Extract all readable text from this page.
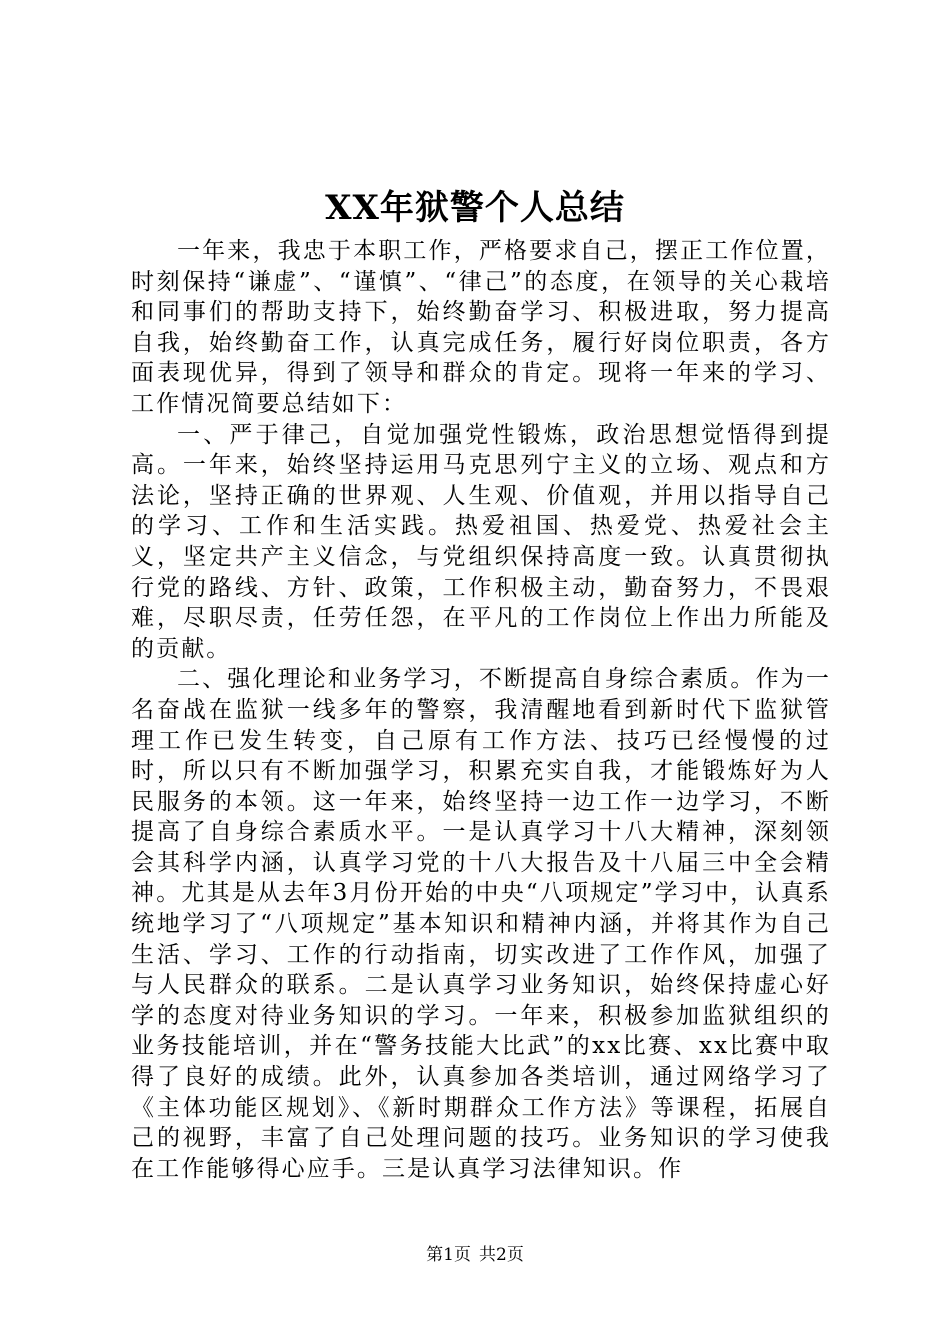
XX年狱警个人总结

一年来，我忠于本职工作，严格要求自己，摆正工作位置，时刻保持“谦虚”、“谨慎”、“律己”的态度，在领导的关心栽培和同事们的帮助支持下，始终勤奋学习、积极进取，努力提高自我，始终勤奋工作，认真完成任务，履行好岗位职责，各方面表现优异，得到了领导和群众的肯定。现将一年来的学习、工作情况简要总结如下：

一、严于律己，自觉加强党性锻炼，政治思想觉悟得到提高。一年来，始终坚持运用马克思列宁主义的立场、观点和方法论，坚持正确的世界观、人生观、价值观，并用以指导自己的学习、工作和生活实践。热爱祖国、热爱党、热爱社会主义，坚定共产主义信念，与党组织保持高度一致。认真贯彻执行党的路线、方针、政策，工作积极主动，勤奋努力，不畏艰难，尽职尽责，任劳任怨，在平凡的工作岗位上作出力所能及的贡献。

二、强化理论和业务学习，不断提高自身综合素质。作为一名奋战在监狱一线多年的警察，我清醒地看到新时代下监狱管理工作已发生转变，自己原有工作方法、技巧已经慢慢的过时，所以只有不断加强学习，积累充实自我，才能锻炼好为人民服务的本领。这一年来，始终坚持一边工作一边学习，不断提高了自身综合素质水平。一是认真学习十八大精神，深刻领会其科学内涵，认真学习党的十八大报告及十八届三中全会精神。尤其是从去年3月份开始的中央“八项规定”学习中，认真系统地学习了“八项规定”基本知识和精神内涵，并将其作为自己生活、学习、工作的行动指南，切实改进了工作作风，加强了与人民群众的联系。二是认真学习业务知识，始终保持虚心好学的态度对待业务知识的学习。一年来，积极参加监狱组织的业务技能培训，并在“警务技能大比武”的xx比赛、xx比赛中取得了良好的成绩。此外，认真参加各类培训，通过网络学习了《主体功能区规划》、《新时期群众工作方法》等课程，拓展自己的视野，丰富了自己处理问题的技巧。业务知识的学习使我在工作能够得心应手。三是认真学习法律知识。作

第1页 共2页
